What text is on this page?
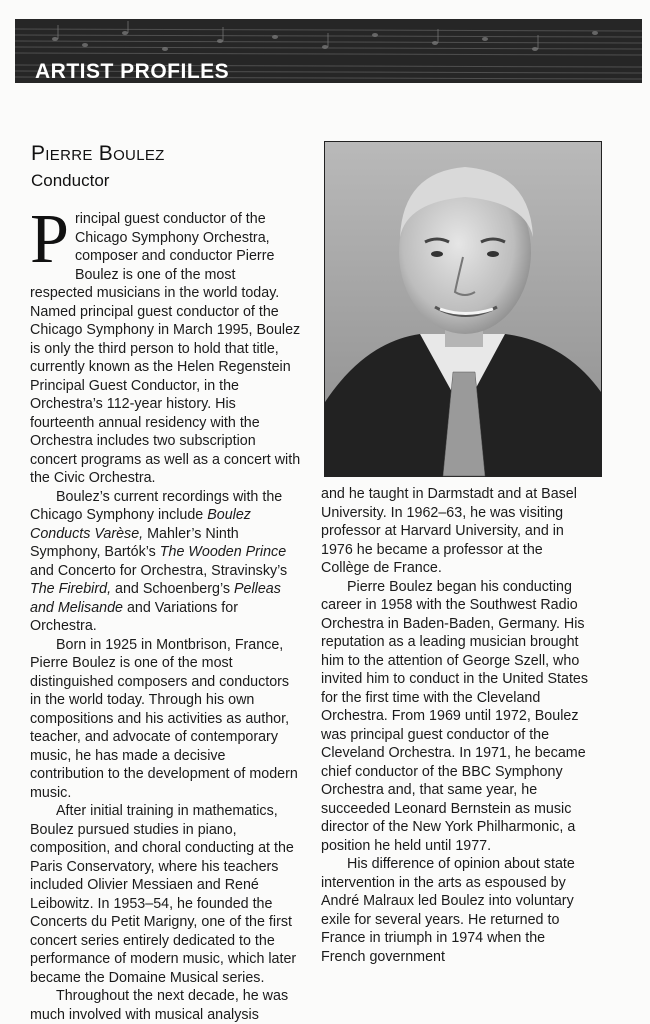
ARTIST PROFILES
Pierre Boulez
Conductor

Principal guest conductor of the Chicago Symphony Orchestra, composer and conductor Pierre Boulez is one of the most respected musicians in the world today. Named principal guest conductor of the Chicago Symphony in March 1995, Boulez is only the third person to hold that title, currently known as the Helen Regenstein Principal Guest Conductor, in the Orchestra’s 112-year history. His fourteenth annual residency with the Orchestra includes two subscription concert programs as well as a concert with the Civic Orchestra.

Boulez’s current recordings with the Chicago Symphony include Boulez Conducts Varèse, Mahler’s Ninth Symphony, Bartók’s The Wooden Prince and Concerto for Orchestra, Stravinsky’s The Firebird, and Schoenberg’s Pelleas and Melisande and Variations for Orchestra.

Born in 1925 in Montbrison, France, Pierre Boulez is one of the most distinguished composers and conductors in the world today. Through his own compositions and his activities as author, teacher, and advocate of contemporary music, he has made a decisive contribution to the development of modern music.

After initial training in mathematics, Boulez pursued studies in piano, composition, and choral conducting at the Paris Conservatory, where his teachers included Olivier Messiaen and René Leibowitz. In 1953–54, he founded the Concerts du Petit Marigny, one of the first concert series entirely dedicated to the performance of modern music, which later became the Domaine Musical series.

Throughout the next decade, he was much involved with musical analysis

and he taught in Darmstadt and at Basel University. In 1962–63, he was visiting professor at Harvard University, and in 1976 he became a professor at the Collège de France.

Pierre Boulez began his conducting career in 1958 with the Southwest Radio Orchestra in Baden-Baden, Germany. His reputation as a leading musician brought him to the attention of George Szell, who invited him to conduct in the United States for the first time with the Cleveland Orchestra. From 1969 until 1972, Boulez was principal guest conductor of the Cleveland Orchestra. In 1971, he became chief conductor of the BBC Symphony Orchestra and, that same year, he succeeded Leonard Bernstein as music director of the New York Philharmonic, a position he held until 1977.

His difference of opinion about state intervention in the arts as espoused by André Malraux led Boulez into voluntary exile for several years. He returned to France in triumph in 1974 when the French government
